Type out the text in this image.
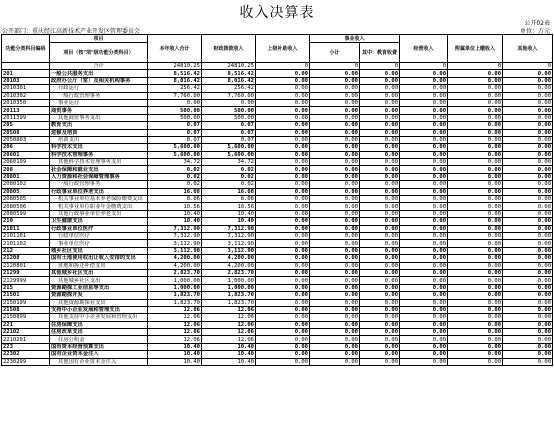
收入决算表
公开02表
公开部门：重庆经江高新技术产业开发区管理委员会	单位：万元
功能分类科目编码	项目	本年收入合计	财政拨款收入	上级补助收入	事业收入		经营收入	附属单位上缴收入	其他收入
	项目（按"项"级功能分类科目）				小计	其中：教育收费			

	合计	24810.25	24810.25	0	0	0	0	0	0
201	一般公共服务支出	8,516.42	8,516.42	0.00	0.00	0.00	0.00	0.00	0.00
20103	政府办公厅（室）及相关机构事务	8,016.42	8,016.42	0.00	0.00	0.00	0.00	0.00	0.00
2010301	行政运行	256.42	256.42	0.00	0.00	0.00	0.00	0.00	0.00
2010302	一般行政管理事务	7,760.00	7,760.00	0.00	0.00	0.00	0.00	0.00	0.00
2010350	事业运行	0.00	0.00	0.00	0.00	0.00	0.00	0.00	0.00
20113	商贸事务	500.00	500.00	0.00	0.00	0.00	0.00	0.00	0.00
2011399	其他商贸事务支出	500.00	500.00	0.00	0.00	0.00	0.00	0.00	0.00
205	教育支出	0.07	0.07	0.00	0.00	0.00	0.00	0.00	0.00
20508	进修及培训	0.07	0.07	0.00	0.00	0.00	0.00	0.00	0.00
2050803	培训支出	0.07	0.07	0.00	0.00	0.00	0.00	0.00	0.00
206	科学技术支出	5,600.00	5,600.00	0.00	0.00	0.00	0.00	0.00	0.00
20601	科学技术管理事务	5,600.00	5,600.00	0.00	0.00	0.00	0.00	0.00	0.00
2060199	其他科学技术管理事务支出	34.72	34.72	0.00	0.00	0.00	0.00	0.00	0.00
208	社会保障和就业支出	0.02	0.02	0.00	0.00	0.00	0.00	0.00	0.00
20801	人力资源和社会保障管理事务	0.02	0.02	0.00	0.00	0.00	0.00	0.00	0.00
2080102	一般行政管理事务	0.02	0.02	0.00	0.00	0.00	0.00	0.00	0.00
20805	行政事业单位养老支出	16.08	16.08	0.00	0.00	0.00	0.00	0.00	0.00
2080505	机关事业单位基本养老保险缴费支出	8.06	8.06	0.00	0.00	0.00	0.00	0.00	0.00
2080506	机关事业单位职业年金缴费支出	10.56	10.56	0.00	0.00	0.00	0.00	0.00	0.00
2080599	其他行政事业单位养老支出	10.40	10.40	0.00	0.00	0.00	0.00	0.00	0.00
210	卫生健康支出	10.40	10.40	0.00	0.00	0.00	0.00	0.00	0.00
21011	行政事业单位医疗	7,312.90	7,312.90	0.00	0.00	0.00	0.00	0.00	0.00
2101101	行政单位医疗	7,312.90	7,312.90	0.00	0.00	0.00	0.00	0.00	0.00
2101102	事业单位医疗	3,112.90	3,112.90	0.00	0.00	0.00	0.00	0.00	0.00
212	城乡社区支出	3,112.90	3,112.90	0.00	0.00	0.00	0.00	0.00	0.00
21208	国有土地使用权出让收入安排的支出	4,200.00	4,200.00	0.00	0.00	0.00	0.00	0.00	0.00
2120801	征地和拆迁补偿支出	4,200.00	4,200.00	0.00	0.00	0.00	0.00	0.00	0.00
21299	其他城乡社区支出	2,823.70	2,823.70	0.00	0.00	0.00	0.00	0.00	0.00
2129999	其他城乡社区支出	1,000.00	1,000.00	0.00	0.00	0.00	0.00	0.00	0.00
215	资源勘探工业信息等支出	1,000.00	1,000.00	0.00	0.00	0.00	0.00	0.00	0.00
21501	资源勘探开发	1,823.70	1,823.70	0.00	0.00	0.00	0.00	0.00	0.00
2150199	其他资源勘探业支出	1,823.70	1,823.70	0.00	0.00	0.00	0.00	0.00	0.00
21508	支持中小企业发展和管理支出	12.06	12.06	0.00	0.00	0.00	0.00	0.00	0.00
2150899	其他支持中小企业发展和管理支出	12.06	12.06	0.00	0.00	0.00	0.00	0.00	0.00
221	住房保障支出	12.06	12.06	0.00	0.00	0.00	0.00	0.00	0.00
22102	住房改革支出	12.06	12.06	0.00	0.00	0.00	0.00	0.00	0.00
2210201	住房公积金	12.06	12.06	0.00	0.00	0.00	0.00	0.00	0.00
223	国有资本经营预算支出	10.40	10.40	0.00	0.00	0.00	0.00	0.00	0.00
22302	国有企业资本金注入	10.40	10.40	0.00	0.00	0.00	0.00	0.00	0.00
2230299	其他国有企业资本金注入	10.40	10.40	0.00	0.00	0.00	0.00	0.00	0.00
